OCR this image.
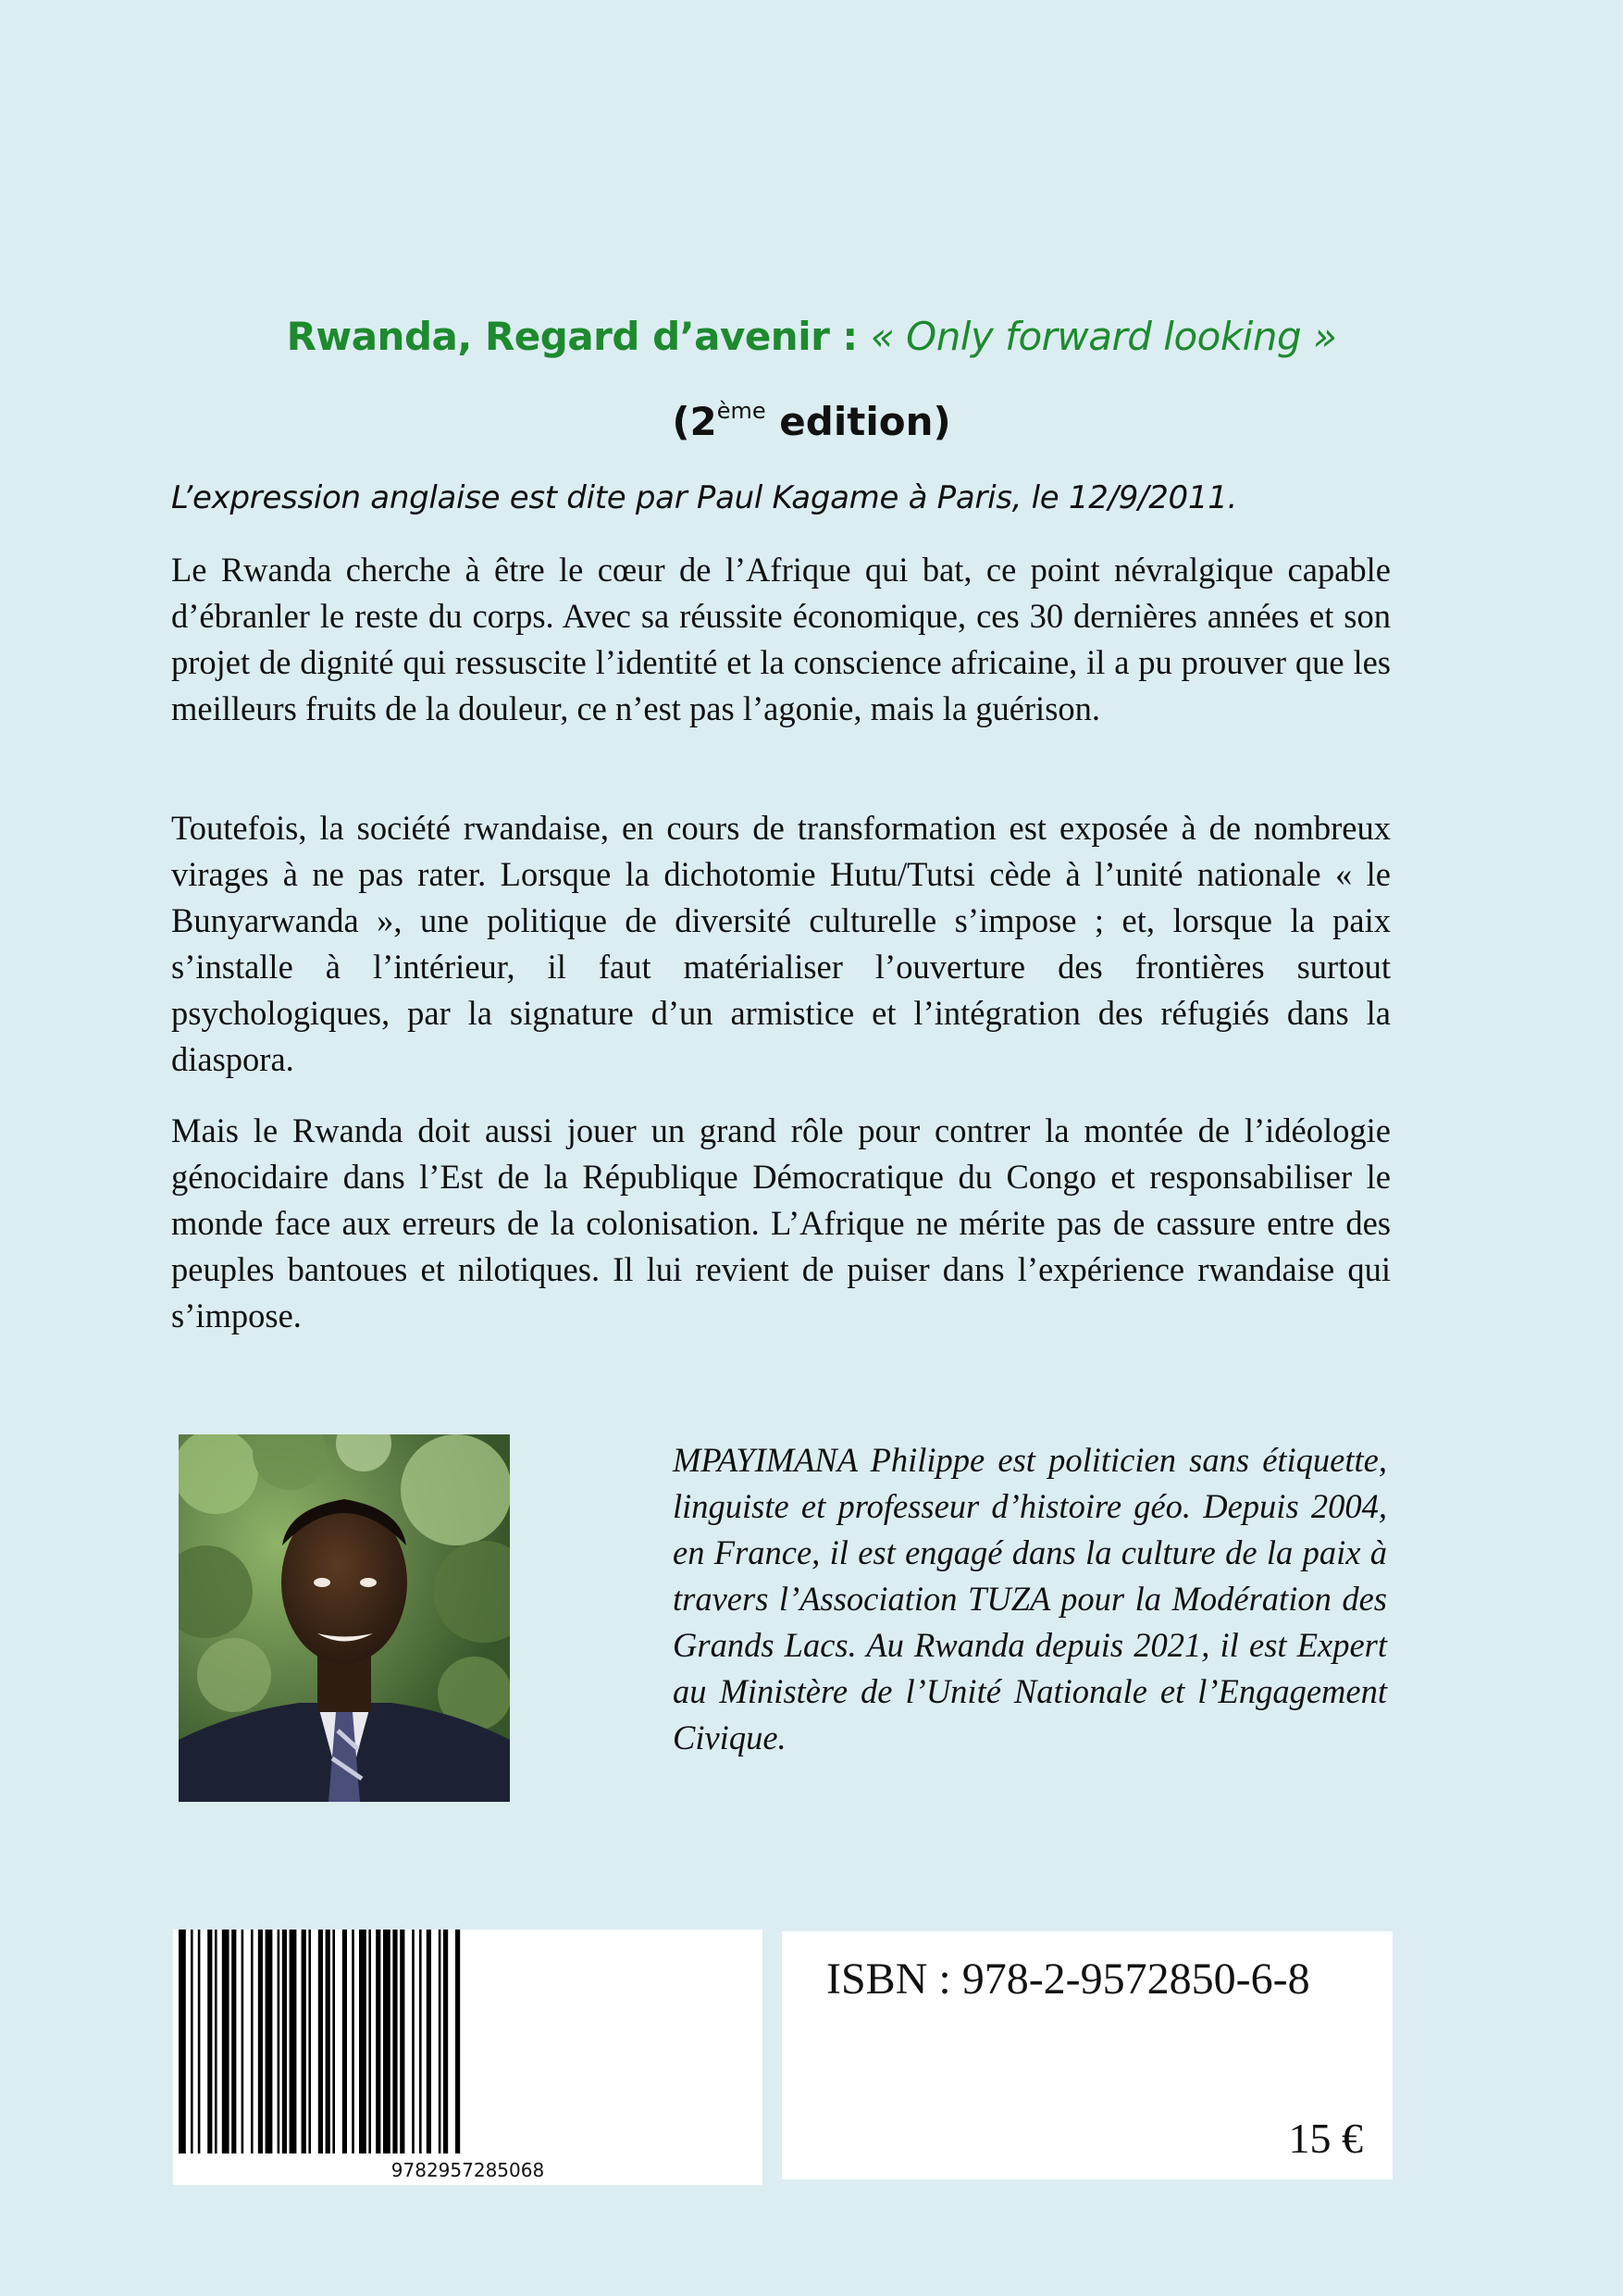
Rwanda, Regard d’avenir : « Only forward looking »
(2ème edition)
L’expression anglaise est dite par Paul Kagame à Paris, le 12/9/2011.

Le Rwanda cherche à être le cœur de l’Afrique qui bat, ce point névralgique capable d’ébranler le reste du corps. Avec sa réussite économique, ces 30 dernières années et son projet de dignité qui ressuscite l’identité et la conscience africaine, il a pu prouver que les meilleurs fruits de la douleur, ce n’est pas l’agonie, mais la guérison.

Toutefois, la société rwandaise, en cours de transformation est exposée à de nombreux virages à ne pas rater. Lorsque la dichotomie Hutu/Tutsi cède à l’unité nationale « le Bunyarwanda », une politique de diversité culturelle s’impose ; et, lorsque la paix s’installe à l’intérieur, il faut matérialiser l’ouverture des frontières surtout psychologiques, par la signature d’un armistice et l’intégration des réfugiés dans la diaspora.

Mais le Rwanda doit aussi jouer un grand rôle pour contrer la montée de l’idéologie génocidaire dans l’Est de la République Démocratique du Congo et responsabiliser le monde face aux erreurs de la colonisation. L’Afrique ne mérite pas de cassure entre des peuples bantoues et nilotiques. Il lui revient de puiser dans l’expérience rwandaise qui s’impose.

MPAYIMANA Philippe est politicien sans étiquette, linguiste et professeur d’histoire géo. Depuis 2004, en France, il est engagé dans la culture de la paix à travers l’Association TUZA pour la Modération des Grands Lacs. Au Rwanda depuis 2021, il est Expert au Ministère de l’Unité Nationale et l’Engagement Civique.

9782957285068
ISBN : 978-2-9572850-6-8
15 €
